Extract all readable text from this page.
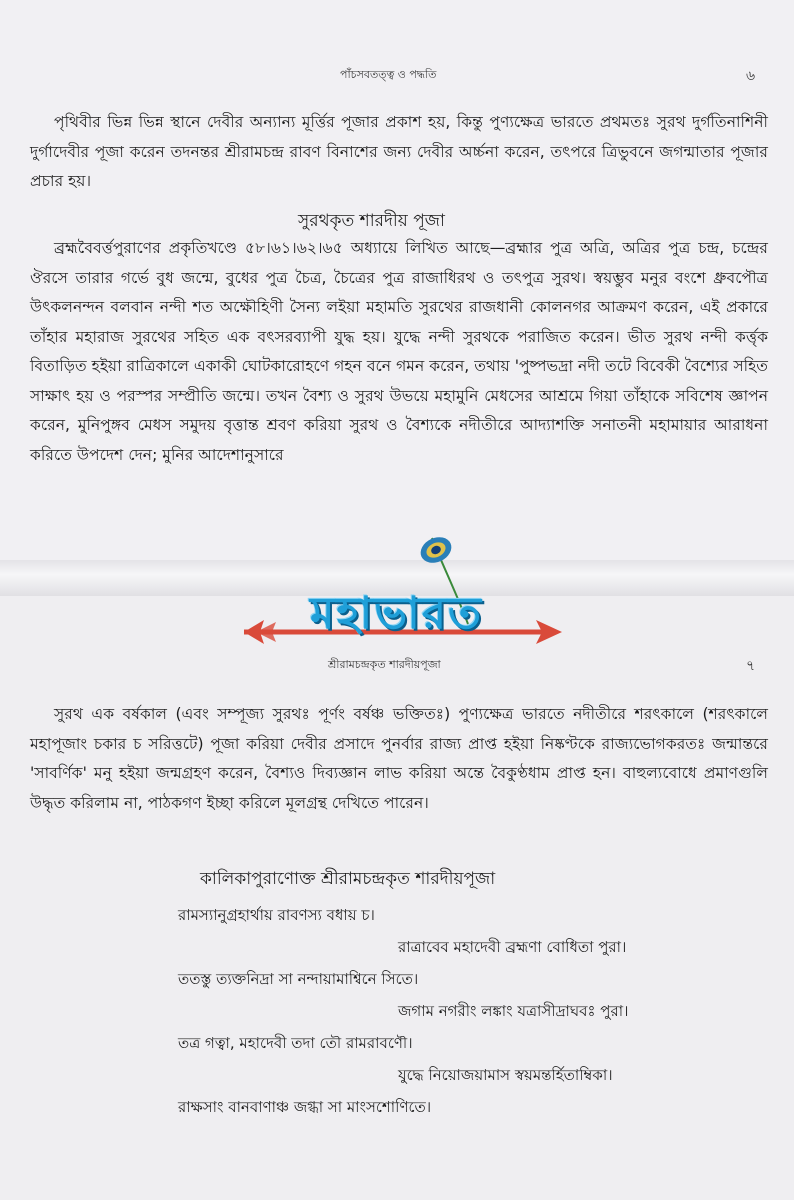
পাঁচসবতত্ত্ব ও পদ্ধতি	৬
পৃথিবীর ভিন্ন ভিন্ন স্থানে দেবীর অন্যান্য মূর্ত্তির পূজার প্রকাশ হয়, কিন্তু পুণ্যক্ষেত্র ভারতে প্রথমতঃ সুরথ দুর্গতিনাশিনী দুর্গাদেবীর পূজা করেন তদনন্তর শ্রীরামচন্দ্র রাবণ বিনাশের জন্য দেবীর অর্চ্চনা করেন, তৎপরে ত্রিভুবনে জগন্মাতার পূজার প্রচার হয়।
সুরথকৃত শারদীয় পূজা
ব্রহ্মবৈবর্ত্তপুরাণের প্রকৃতিখণ্ডে ৫৮।৬১।৬২।৬৫ অধ্যায়ে লিখিত আছে—ব্রহ্মার পুত্র অত্রি, অত্রির পুত্র চন্দ্র, চন্দ্রের ঔরসে তারার গর্ভে বুধ জন্মে, বুধের পুত্র চৈত্র, চৈত্রের পুত্র রাজাধিরথ ও তৎপুত্র সুরথ। স্বয়ম্ভুব মনুর বংশে ধ্রুবপৌত্র উৎকলনন্দন বলবান নন্দী শত অক্ষৌহিণী সৈন্য লইয়া মহামতি সুরথের রাজধানী কোলনগর আক্রমণ করেন, এই প্রকারে তাঁহার মহারাজ সুরথের সহিত এক বৎসরব্যাপী যুদ্ধ হয়। যুদ্ধে নন্দী সুরথকে পরাজিত করেন। ভীত সুরথ নন্দী কর্ত্তৃক বিতাড়িত হইয়া রাত্রিকালে একাকী ঘোটকারোহণে গহন বনে গমন করেন, তথায় 'পুষ্পভদ্রা নদী তটে বিবেকী বৈশ্যের সহিত সাক্ষাৎ হয় ও পরস্পর সম্প্রীতি জন্মে। তখন বৈশ্য ও সুরথ উভয়ে মহামুনি মেধসের আশ্রমে গিয়া তাঁহাকে সবিশেষ জ্ঞাপন করেন, মুনিপুঙ্গব মেধস সমুদয় বৃত্তান্ত শ্রবণ করিয়া সুরথ ও বৈশ্যকে নদীতীরে আদ্যাশক্তি সনাতনী মহামায়ার আরাধনা করিতে উপদেশ দেন; মুনির আদেশানুসারে
শ্রীরামচন্দ্রকৃত শারদীয়পূজা	৭
সুরথ এক বর্ষকাল (এবং সম্পূজ্য সুরথঃ পূর্ণং বর্ষঞ্চ ভক্তিতঃ) পুণ্যক্ষেত্র ভারতে নদীতীরে শরৎকালে (শরৎকালে মহাপূজাং চকার চ সরিত্তটে) পূজা করিয়া দেবীর প্রসাদে পুনর্বার রাজ্য প্রাপ্ত হইয়া নিষ্কণ্টকে রাজ্যভোগকরতঃ জন্মান্তরে 'সাবর্ণিক' মনু হইয়া জন্মগ্রহণ করেন, বৈশ্যও দিব্যজ্ঞান লাভ করিয়া অন্তে বৈকুণ্ঠধাম প্রাপ্ত হন। বাহুল্যবোধে প্রমাণগুলি উদ্ধৃত করিলাম না, পাঠকগণ ইচ্ছা করিলে মূলগ্রন্থ দেখিতে পারেন।
কালিকাপুরাণোক্ত শ্রীরামচন্দ্রকৃত শারদীয়পূজা
রামস্যানুগ্রহার্থায় রাবণস্য বধায় চ।
রাত্রাবেব মহাদেবী ব্রহ্মণা বোধিতা পুরা।
ততস্তু ত্যক্তনিদ্রা সা নন্দায়ামাশ্বিনে সিতে।
জগাম নগরীং লঙ্কাং যত্রাসীদ্রাঘবঃ পুরা।
তত্র গত্বা, মহাদেবী তদা তৌ রামরাবণৌ।
যুদ্ধে নিয়োজয়ামাস স্বয়মন্তর্হিতাম্বিকা।
রাক্ষসাং বানবাণাঞ্চ জগ্ধা সা মাংসশোণিতে।
মহাভারত
